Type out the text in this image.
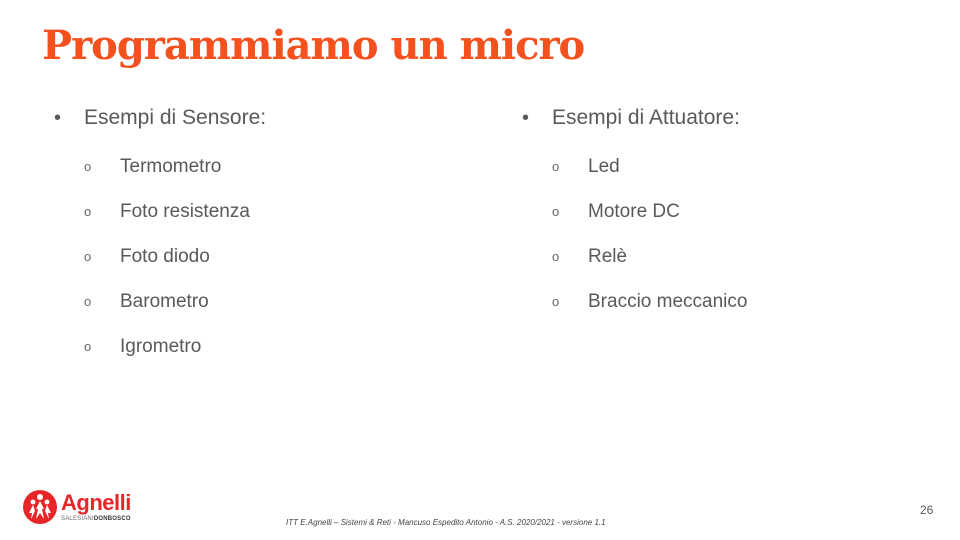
Programmiamo un micro
•	Esempi di Sensore:
o	Termometro
o	Foto resistenza
o	Foto diodo
o	Barometro
o	Igrometro
•	Esempi di Attuatore:
o	Led
o	Motore DC
o	Relè
o	Braccio meccanico
Agnelli
SALESIANIDONBOSCO	ITT E.Agnelli – Sistemi & Reti - Mancuso Espedito Antonio - A.S. 2020/2021 - versione 1.1
26
